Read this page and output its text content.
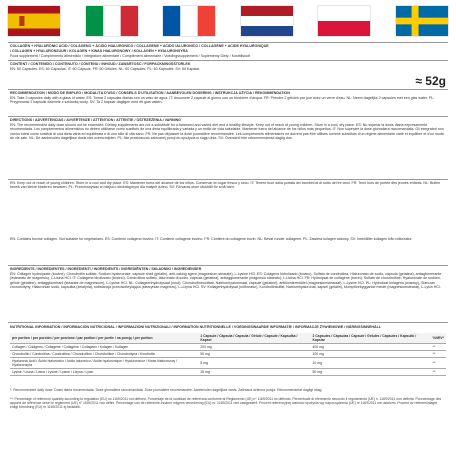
COLLAGEN + HYALURONIC ACID / COLÁGENO + ÁCIDO HIALURÓNICO / COLLAGENE + ACIDO IALURONICO / COLLAGÈNE + ACIDE HYALURONIQUE
/ COLLAGEN + HYALURONZUUR / KOLAGEN + KWAS HIALURONOWY / KOLLAGEN + HYALURONSYRA
Food supplement / Complemento alimenticio / Integratore alimentare / Complément alimentaire / Voedingssupplement / Suplementy Diety / Kosttillskott
CONTENT / CONTENIDO / CONTENUTO / CONTENU / INHOUD / ZAWARTOŚĆ / FÖRPACKNINGSSTORLEK
EN: 60 Capsules. ES: 60 Cápsulas. IT: 60 Capsule. FR: 60 Gélules. NL: 60 Capsules. PL: 60 Kapsułek. SV: 60 Kapslar.
≈ 52g
RECOMMENDATION / MODO DE EMPLEO / MODALITÀ D'USO / CONSEILS D'UTILISATION / AANBEVOLEN DOSERING / INSTRUKCJA UŻYCIA / REKOMMENDATION
EN: Take 2 capsules daily with a glass of water. ES: Tomar 2 cápsulas diarias con un vaso de agua. IT: Assumere 2 capsule al giorno con un bicchiere d'acqua. FR: Prendre 2 gélules par jour avec un verre d'eau. NL: Neem dagelijks 2 capsules met een glas water. PL: Przyjmować 2 kapsułki dziennie z szklanką wody. SV: Ta 2 kapslar dagligen med ett glas vatten.
DIRECTIONS / ADVERTENCIAS / AVVERTENZE / ATTENTION / ATTENTIE / OSTRZEŻENIA / VARNING
EN: The recommended daily dose should not be exceeded. Dietary supplements are not a substitute for a balanced and varied diet and a healthy lifestyle. Keep out of reach of young children. Store in a cool, dry place. ES: No superar la dosis diaria expresamente recomendada. Los complementos alimenticios no deben utilizarse como sustituto de una dieta equilibrada y variada y un estilo de vida saludable. Mantener fuera del alcance de los niños más pequeños. IT: Non superare la dose giornaliera raccomandata. Gli integratori non vanno intesi come sostituti di una dieta varia ed equilibrata e di uno stile di vita sano. FR: Ne pas dépasser la dose journalière recommandée. Les compléments alimentaires ne doivent pas être utilisés comme substituts d'un régime alimentaire varié et équilibré et d'un mode de vie sain. NL: De aanbevolen dagelijkse dosis niet overschrijden. PL: Nie przekraczać zalecanej porcji do spożycia w ciągu dnia. SV: Överskrid inte rekommenderad daglig dos.
EN: Keep out of reach of young children. Store in a cool and dry place. ES: Mantener fuera del alcance de los niños. Conservar en lugar fresco y seco. IT: Tenere fuori dalla portata dei bambini al di sotto dei tre anni. FR: Tenir hors de portée des jeunes enfants. NL: Buiten bereik van kleine kinderen bewaren. PL: Przechowywać w miejscu niedostępnym dla małych dzieci. SV: Förvaras utom räckhåll för små barn.
EN: Contains bovine collagen. Not suitable for vegetarians. ES: Contiene colágeno bovino. IT: Contiene collagene bovino. FR: Contient du collagène bovin. NL: Bevat runder collageen. PL: Zawiera kolagen wołowy. SV: Innehåller kollagen från nötkreatur.
INGREDIENTS / INGREDIENTES / INGREDIENTI / INGRÉDIENTS / INGREDIËNTEN / SKŁADNIKI / INGREDIENSER
EN: Collagen hydrolyzate (bovine), Chondroitin sulfate, Sodium hyaluronate, capsule shell (gelatin), anti-caking agent (magnesium stearate), L-Lysine HCl. ES: Colágeno hidrolizado (bovino), Sulfato de condroitina, Hialuronato de sodio, cápsula (gelatina), antiaglomerante (estearato de magnesio), L-Lisina HCl. IT: Collagene idrolizzato (bovino), Condroitina solfato, Ialuronato di sodio, capsula (gelatina), antiagglomerante (magnesio stearato), L-Lisina HCl. FR: Hydrolysat de collagène (bovin), Sulfate de chondroïtine, Hyaluronate de sodium, gélule (gélatine), antiagglomérant (stéarate de magnésium), L-Lysine HCl. NL: Collageenhydrolysaat (rund), Chondroïtinesulfaat, Natriumhyaluronaat, capsule (gelatine), antiklontermiddel (magnesiumstearaat), L-Lysine HCl. PL: Hydrolizat kolagenu (wołowy), Siarczan chondroityny, Hialuronian sodu, kapsułka (żelatyna), substancja przeciwzbrylająca (stearynian magnezu), L-Lizyna HCl. SV: Kollagenhydrolysat (nötkreatur), Kondroitinsulfat, Natriumhyaluronat, kapsel (gelatin), klumpförebyggande medel (magnesiumstearat), L-Lysin HCl.
NUTRITIONAL INFORMATION / INFORMACIÓN NUTRICIONAL / INFORMAZIONI NUTRIZIONALI / INFORMATION NUTRITIONNELLE / VOEDINGSWAARDE INFORMATIE / INFORMACJE ŻYWIENIOWE / NÄRINGSINNEHÅLL
per portion / por porción / per porzione / par portion / per portie / na porcję / per portion	1 Capsule / Cápsula / Capsula / Gélule / Capsule / Kapsułka / Kapsel	2 Capsules / Cápsulas / Capsule / Gélules / Capsules / Kapsułki / Kapslar	%NRV*
Collagen / Colágeno / Collagene / Collagène / Collageen / Kolagen / Kollagen	200 mg	400 mg	**
Chondroitin / Condroitina / Condroitina / Chondroïtine / Chondroïtine / Chondroityna / Kondroitin	50 mg	100 mg	**
Hyaluronic Acid / Ácido hialurónico / Acido ialuronico / Acide hyaluronique / Hyaluronzuur / Kwas hialuronowy / Hyaluronsyra	5 mg	10 mg	**
Lysine / Lisina / Lisina / Lysine / Lysine / Lizyna / Lysin	25 mg	50 mg	**
*: Recommended daily dose. Dosis diaria recomendada. Dose giornaliera raccomandata. Dose journalière recommandée. Aanbevolen dagelijkse dosis. Zalecana dzienna porcja. Rekommenderat dagligt intag.
**: Percentage of reference quantity according to regulation (EU) no 1169/2011 not defined. Porcentaje de la cantidad de referencia conforme al Reglamento (UE) nº 1169/2011 no definido. Percentuale di riferimento secondo il regolamento (UE) n. 1169/2011 non definita. Pourcentage des apports de référence selon le règlement (UE) n° 1169/2011 non défini. Percentage van de referentie-inname volgens verordening (EU) nr. 1169/2011 niet vastgesteld. Procent referencyjnej wartości spożycia wg rozporządzenia (UE) nr 1169/2011 nie ustalono. Procent av referensintaget enligt förordning (EU) nr 1169/2011 ej fastställt.
